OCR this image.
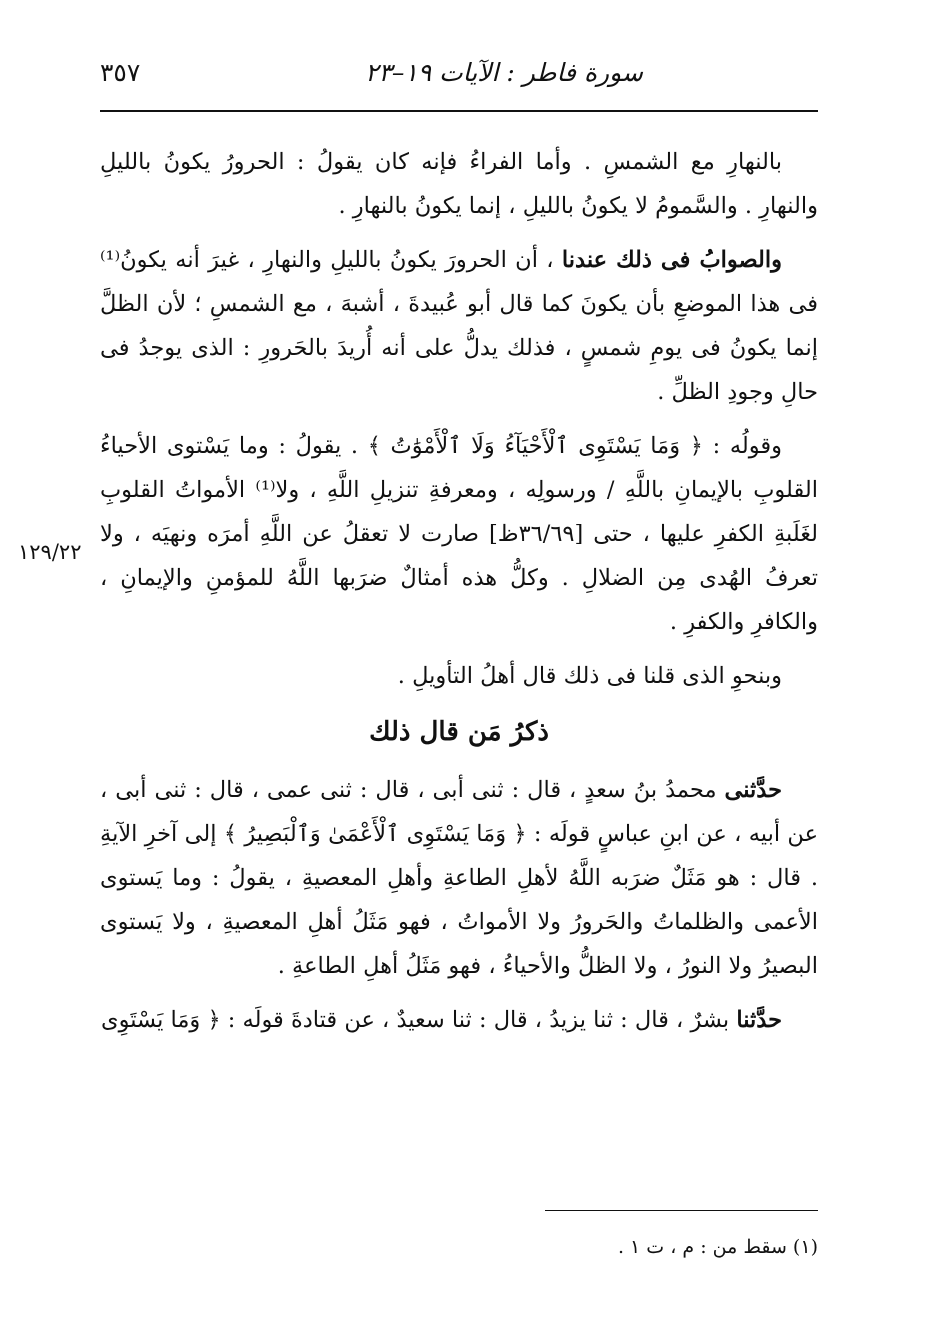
سورة فاطر : الآيات ١٩–٢٣
٣٥٧
١٢٩/٢٢

بالنهارِ مع الشمسِ . وأما الفراءُ فإنه كان يقولُ : الحرورُ يكونُ بالليلِ والنهارِ . والسَّمومُ لا يكونُ بالليلِ ، إنما يكونُ بالنهارِ .

والصوابُ فى ذلك عندنا ، أن الحرورَ يكونُ بالليلِ والنهارِ ، غيرَ أنه يكونُ⁽¹⁾ فى هذا الموضعِ بأن يكونَ كما قال أبو عُبيدةَ ، أشبهَ ، مع الشمسِ ؛ لأن الظلَّ إنما يكونُ فى يومِ شمسٍ ، فذلك يدلُّ على أنه أُريدَ بالحَرورِ : الذى يوجدُ فى حالِ وجودِ الظلِّ .

وقولُه : ﴿ وَمَا يَسْتَوِى ٱلْأَحْيَآءُ وَلَا ٱلْأَمْوَٰتُ ﴾ . يقولُ : وما يَسْتوى الأحياءُ القلوبِ بالإيمانِ باللَّهِ / ورسولِه ، ومعرفةِ تنزيلِ اللَّهِ ، ولا⁽¹⁾ الأمواتُ القلوبِ لغَلَبةِ الكفرِ عليها ، حتى [٣٦/٦٩ظ] صارت لا تعقلُ عن اللَّهِ أمرَه ونهيَه ، ولا تعرفُ الهُدى مِن الضلالِ . وكلُّ هذه أمثالٌ ضرَبها اللَّهُ للمؤمنِ والإيمانِ ، والكافرِ والكفرِ .

وبنحوِ الذى قلنا فى ذلك قال أهلُ التأويلِ .

ذكرُ مَن قال ذلك

حدَّثنى محمدُ بنُ سعدٍ ، قال : ثنى أبى ، قال : ثنى عمى ، قال : ثنى أبى ، عن أبيه ، عن ابنِ عباسٍ قولَه : ﴿ وَمَا يَسْتَوِى ٱلْأَعْمَىٰ وَٱلْبَصِيرُ ﴾ إلى آخرِ الآيةِ . قال : هو مَثَلٌ ضرَبه اللَّهُ لأهلِ الطاعةِ وأهلِ المعصيةِ ، يقولُ : وما يَستوى الأعمى والظلماتُ والحَرورُ ولا الأمواتُ ، فهو مَثَلُ أهلِ المعصيةِ ، ولا يَستوى البصيرُ ولا النورُ ، ولا الظلُّ والأحياءُ ، فهو مَثَلُ أهلِ الطاعةِ .

حدَّثنا بشرٌ ، قال : ثنا يزيدُ ، قال : ثنا سعيدٌ ، عن قتادةَ قولَه : ﴿ وَمَا يَسْتَوِى

(١) سقط من : م ، ت ١ .
